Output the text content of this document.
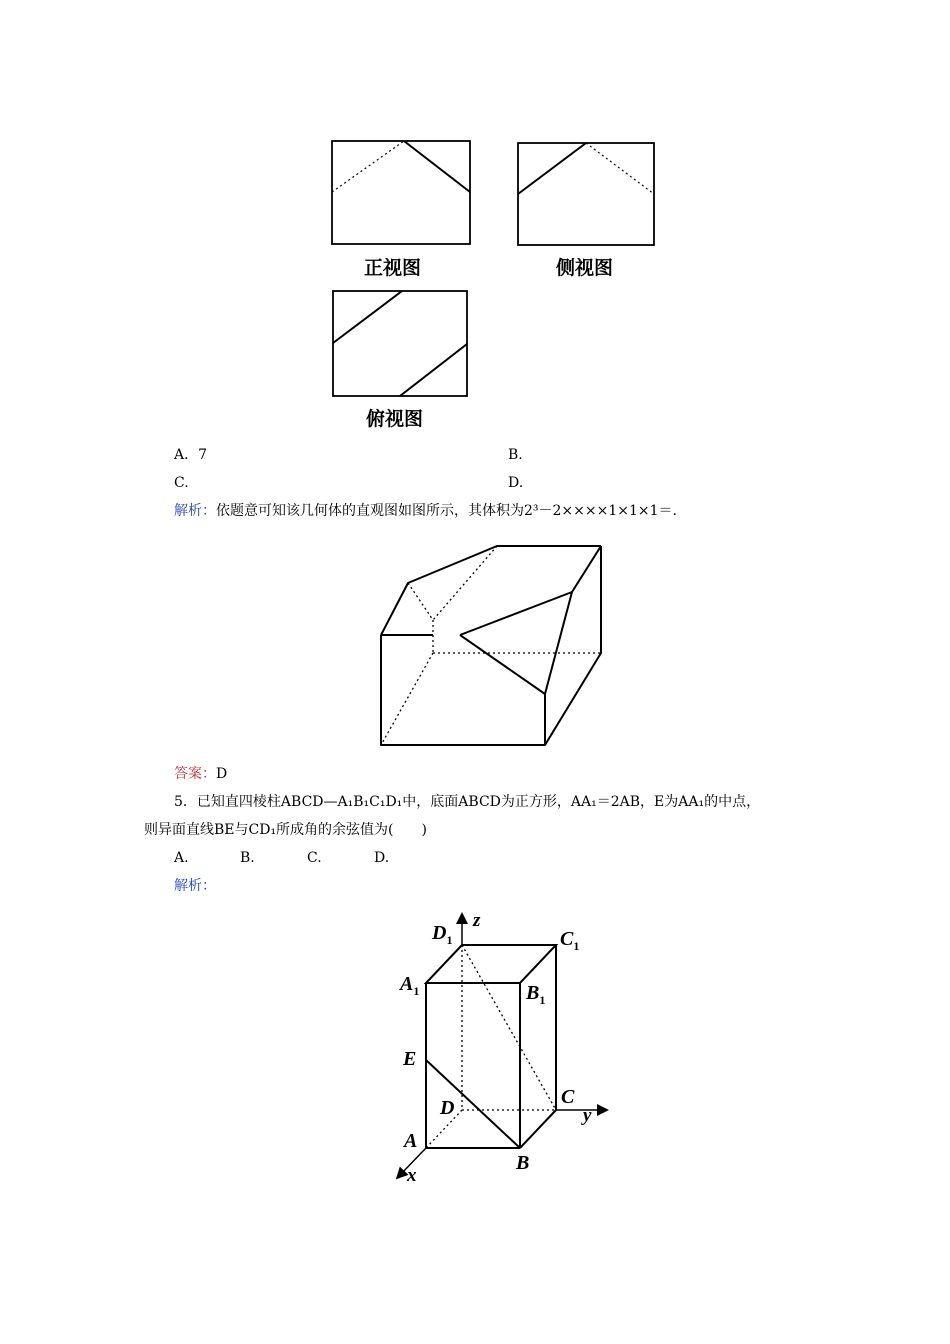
正视图	侧视图
俯视图
A．7	B.
C.	D.
解析：依题意可知该几何体的直观图如图所示，其体积为2³－2××××1×1×1＝.
答案：D
5．已知直四棱柱ABCD—A₁B₁C₁D₁中，底面ABCD为正方形，AA₁＝2AB，E为AA₁的中点，
则异面直线BE与CD₁所成角的余弦值为(　　)
A.	B.	C.	D.
解析：
$D_1$
z
$C_1$
$A_1$	$B_1$
E
D	C
y
A
B
x
